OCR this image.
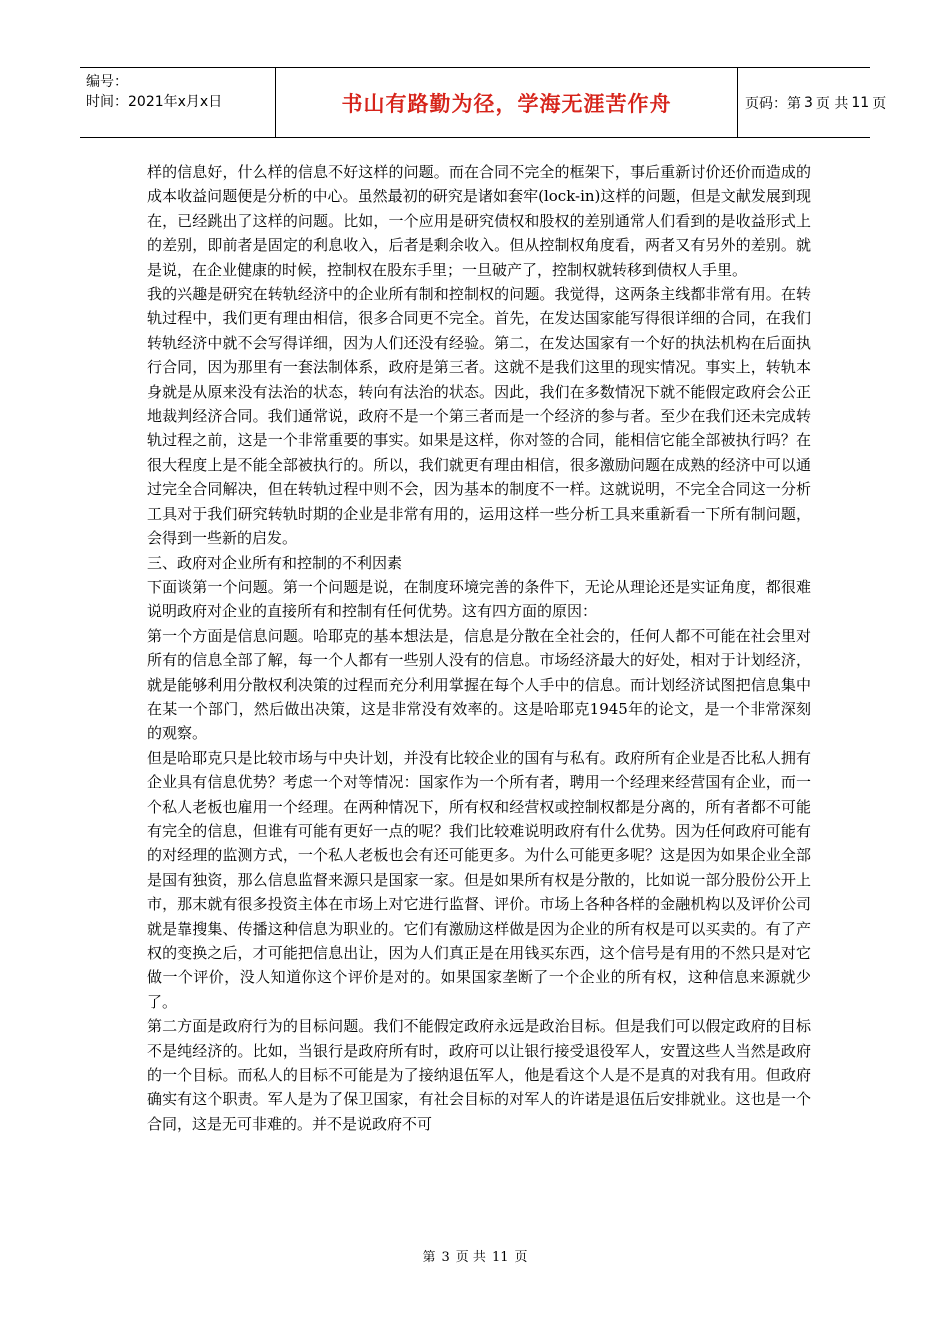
编号：
时间：2021年x月x日	书山有路勤为径，学海无涯苦作舟	页码：第 3 页 共 11 页

样的信息好，什么样的信息不好这样的问题。而在合同不完全的框架下，事后重新讨价还价而造成的成本收益问题便是分析的中心。虽然最初的研究是诸如套牢(lock-in)这样的问题，但是文献发展到现在，已经跳出了这样的问题。比如，一个应用是研究债权和股权的差别通常人们看到的是收益形式上的差别，即前者是固定的利息收入，后者是剩余收入。但从控制权角度看，两者又有另外的差别。就是说，在企业健康的时候，控制权在股东手里；一旦破产了，控制权就转移到债权人手里。

我的兴趣是研究在转轨经济中的企业所有制和控制权的问题。我觉得，这两条主线都非常有用。在转轨过程中，我们更有理由相信，很多合同更不完全。首先，在发达国家能写得很详细的合同，在我们转轨经济中就不会写得详细，因为人们还没有经验。第二，在发达国家有一个好的执法机构在后面执行合同，因为那里有一套法制体系，政府是第三者。这就不是我们这里的现实情况。事实上，转轨本身就是从原来没有法治的状态，转向有法治的状态。因此，我们在多数情况下就不能假定政府会公正地裁判经济合同。我们通常说，政府不是一个第三者而是一个经济的参与者。至少在我们还未完成转轨过程之前，这是一个非常重要的事实。如果是这样，你对签的合同，能相信它能全部被执行吗？在很大程度上是不能全部被执行的。所以，我们就更有理由相信，很多激励问题在成熟的经济中可以通过完全合同解决，但在转轨过程中则不会，因为基本的制度不一样。这就说明，不完全合同这一分析工具对于我们研究转轨时期的企业是非常有用的，运用这样一些分析工具来重新看一下所有制问题，会得到一些新的启发。

三、政府对企业所有和控制的不利因素

下面谈第一个问题。第一个问题是说，在制度环境完善的条件下，无论从理论还是实证角度，都很难说明政府对企业的直接所有和控制有任何优势。这有四方面的原因：

第一个方面是信息问题。哈耶克的基本想法是，信息是分散在全社会的，任何人都不可能在社会里对所有的信息全部了解，每一个人都有一些别人没有的信息。市场经济最大的好处，相对于计划经济，就是能够利用分散权利决策的过程而充分利用掌握在每个人手中的信息。而计划经济试图把信息集中在某一个部门，然后做出决策，这是非常没有效率的。这是哈耶克1945年的论文，是一个非常深刻的观察。

但是哈耶克只是比较市场与中央计划，并没有比较企业的国有与私有。政府所有企业是否比私人拥有企业具有信息优势？考虑一个对等情况：国家作为一个所有者，聘用一个经理来经营国有企业，而一个私人老板也雇用一个经理。在两种情况下，所有权和经营权或控制权都是分离的，所有者都不可能有完全的信息，但谁有可能有更好一点的呢？我们比较难说明政府有什么优势。因为任何政府可能有的对经理的监测方式，一个私人老板也会有还可能更多。为什么可能更多呢？这是因为如果企业全部是国有独资，那么信息监督来源只是国家一家。但是如果所有权是分散的，比如说一部分股份公开上市，那末就有很多投资主体在市场上对它进行监督、评价。市场上各种各样的金融机构以及评价公司就是靠搜集、传播这种信息为职业的。它们有激励这样做是因为企业的所有权是可以买卖的。有了产权的变换之后，才可能把信息出让，因为人们真正是在用钱买东西，这个信号是有用的不然只是对它做一个评价，没人知道你这个评价是对的。如果国家垄断了一个企业的所有权，这种信息来源就少了。

第二方面是政府行为的目标问题。我们不能假定政府永远是政治目标。但是我们可以假定政府的目标不是纯经济的。比如，当银行是政府所有时，政府可以让银行接受退役军人，安置这些人当然是政府的一个目标。而私人的目标不可能是为了接纳退伍军人，他是看这个人是不是真的对我有用。但政府确实有这个职责。军人是为了保卫国家，有社会目标的对军人的许诺是退伍后安排就业。这也是一个合同，这是无可非难的。并不是说政府不可

第 3 页 共 11 页
